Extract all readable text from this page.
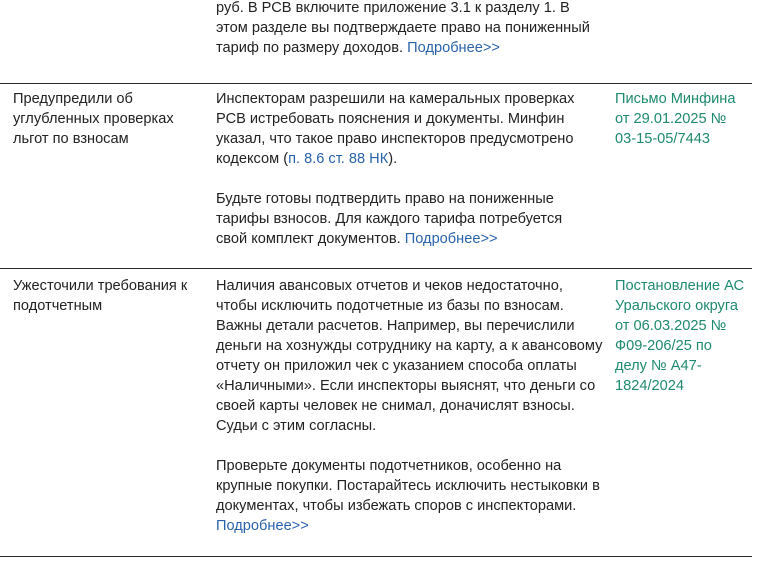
руб. В РСВ включите приложение 3.1 к разделу 1. В этом разделе вы подтверждаете право на пониженный тариф по размеру доходов. Подробнее>>

Предупредили об углубленных проверках льгот по взносам

Инспекторам разрешили на камеральных проверках РСВ истребовать пояснения и документы. Минфин указал, что такое право инспекторов предусмотрено кодексом (п. 8.6 ст. 88 НК).

Будьте готовы подтвердить право на пониженные тарифы взносов. Для каждого тарифа потребуется свой комплект документов. Подробнее>>

Письмо Минфина от 29.01.2025 № 03-15-05/7443
Ужесточили требования к подотчетным

Наличия авансовых отчетов и чеков недостаточно, чтобы исключить подотчетные из базы по взносам. Важны детали расчетов. Например, вы перечислили деньги на хознужды сотруднику на карту, а к авансовому отчету он приложил чек с указанием способа оплаты «Наличными». Если инспекторы выяснят, что деньги со своей карты человек не снимал, доначислят взносы. Судьи с этим согласны.

Проверьте документы подотчетников, особенно на крупные покупки. Постарайтесь исключить нестыковки в документах, чтобы избежать споров с инспекторами.
Подробнее>>

Постановление АС Уральского округа от 06.03.2025 № Ф09-206/25 по делу № А47-1824/2024
